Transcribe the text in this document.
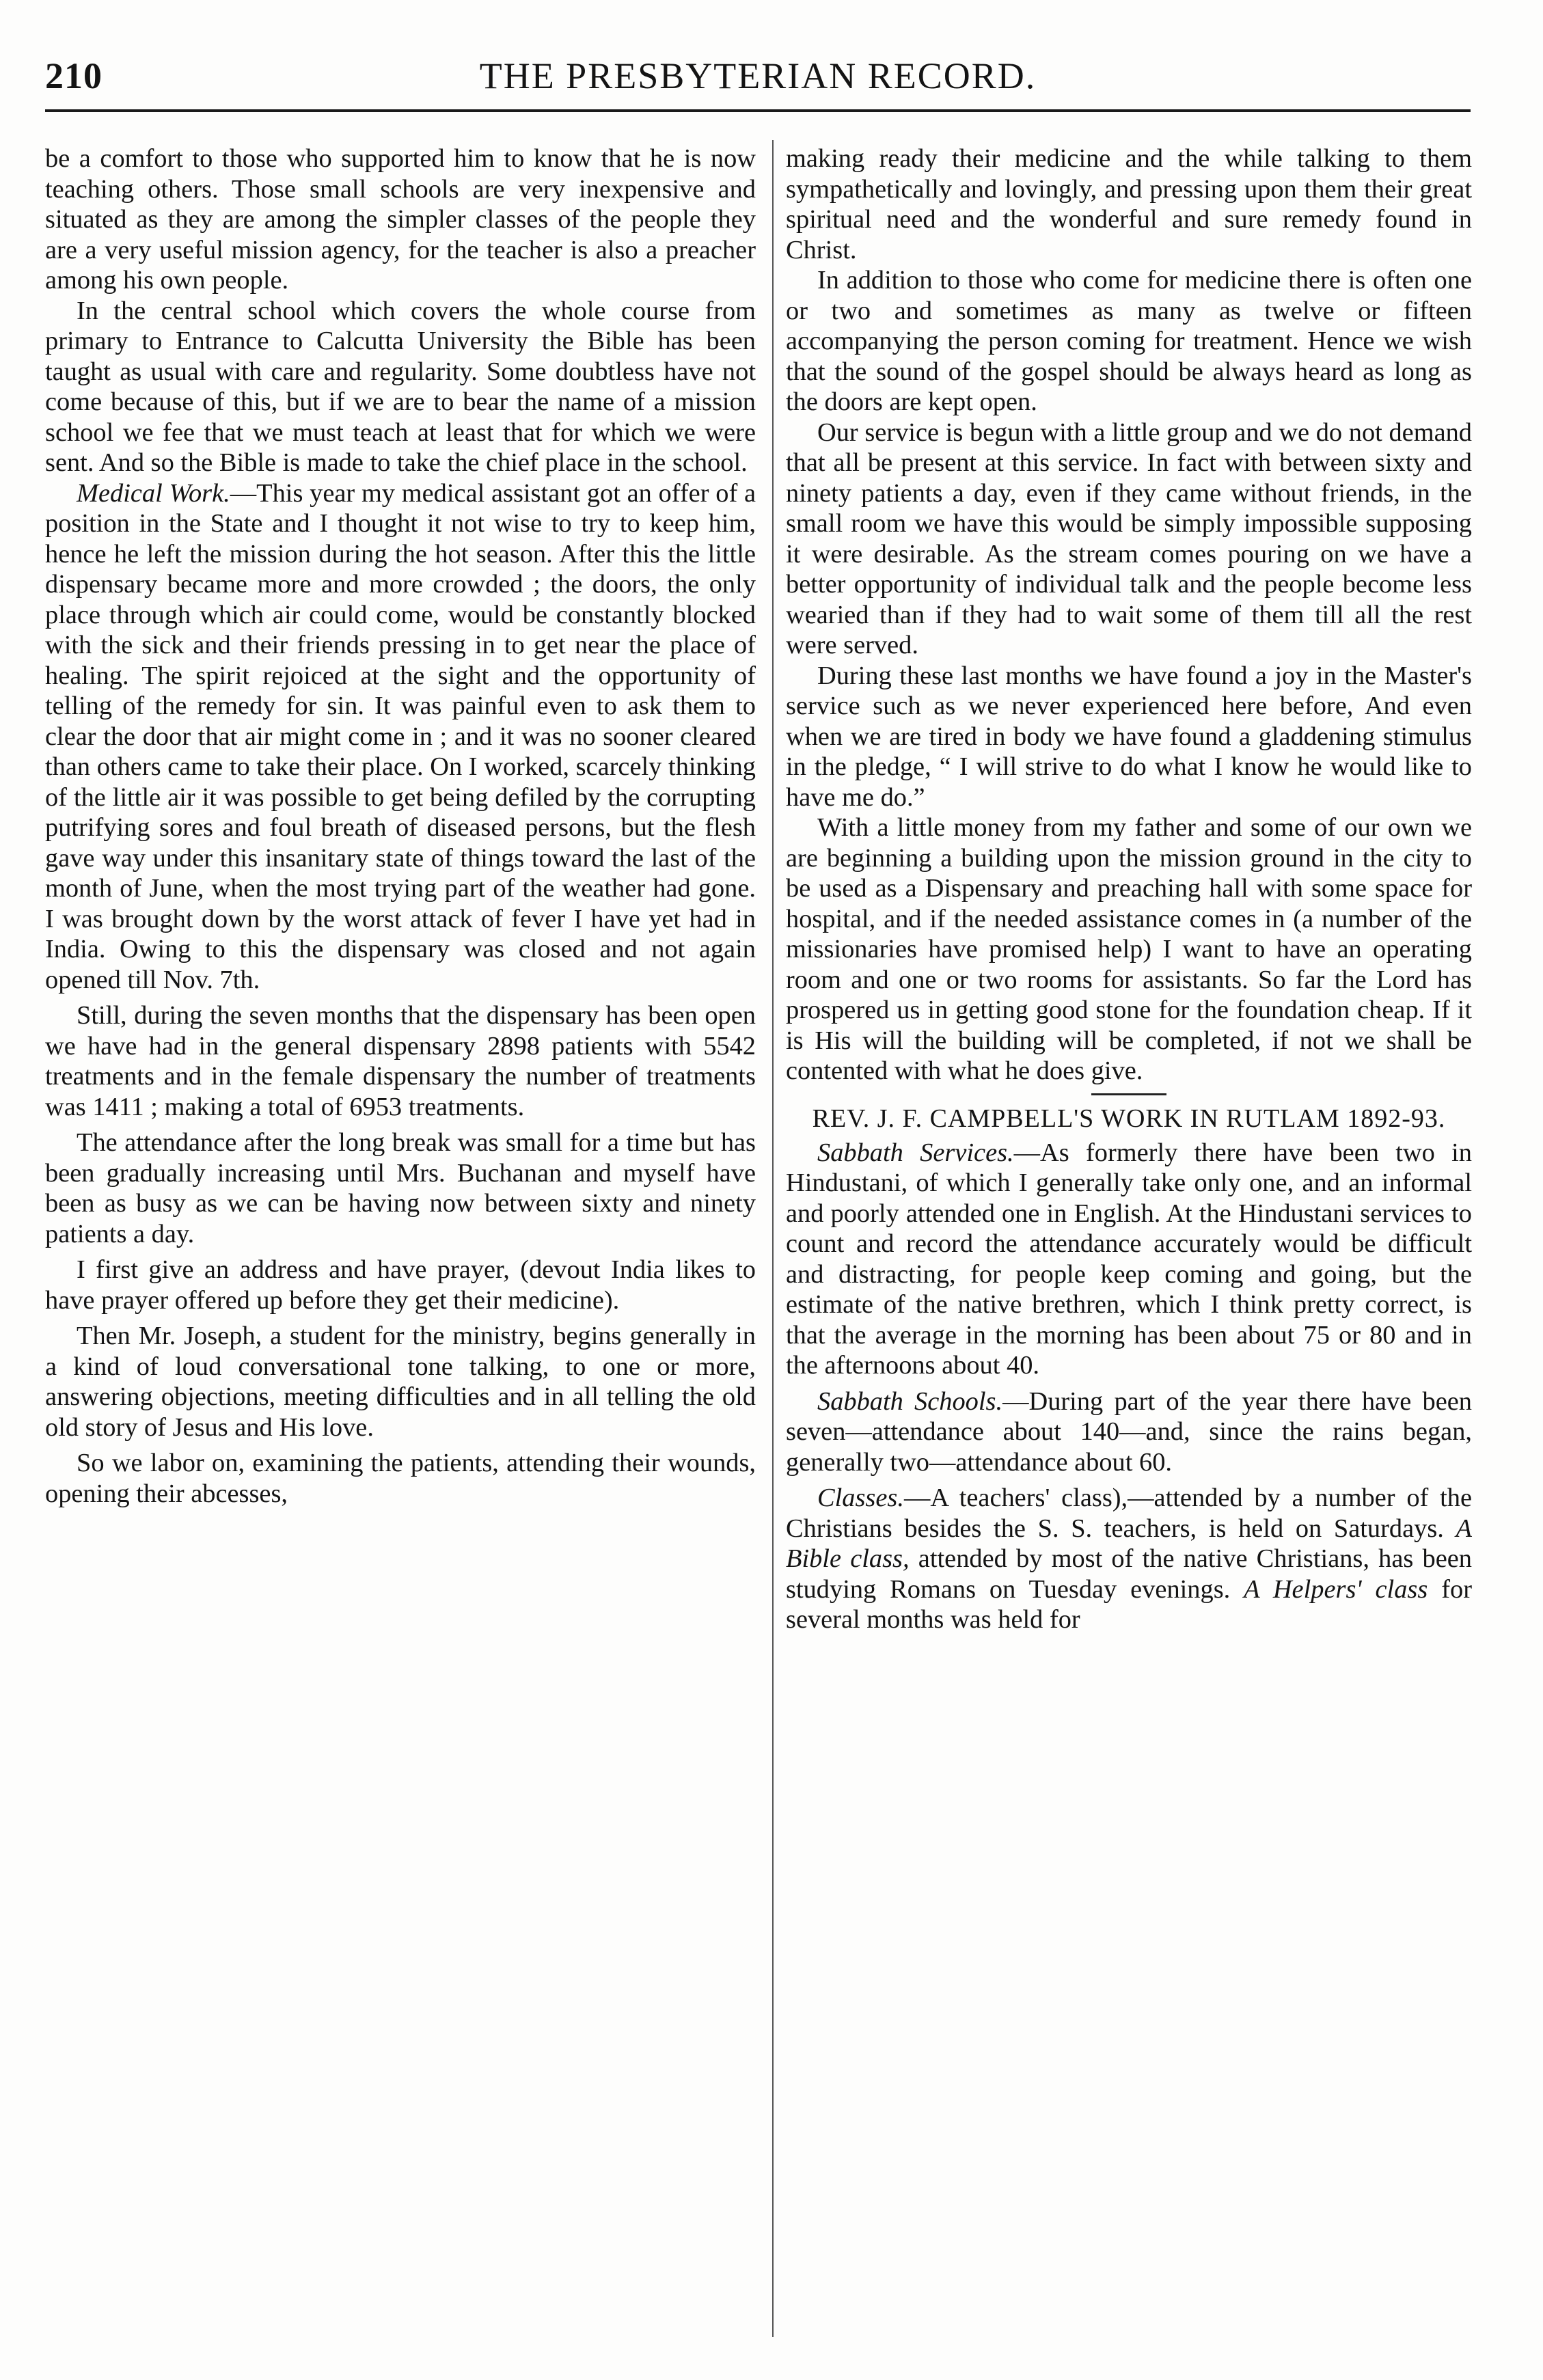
210	THE PRESBYTERIAN RECORD.

be a comfort to those who supported him to know that he is now teaching others. Those small schools are very inexpensive and situated as they are among the simpler classes of the people they are a very useful mission agency, for the teacher is also a preacher among his own people.

In the central school which covers the whole course from primary to Entrance to Calcutta University the Bible has been taught as usual with care and regularity. Some doubtless have not come because of this, but if we are to bear the name of a mission school we fee that we must teach at least that for which we were sent. And so the Bible is made to take the chief place in the school.

Medical Work.—This year my medical assistant got an offer of a position in the State and I thought it not wise to try to keep him, hence he left the mission during the hot season. After this the little dispensary became more and more crowded ; the doors, the only place through which air could come, would be constantly blocked with the sick and their friends pressing in to get near the place of healing. The spirit rejoiced at the sight and the opportunity of telling of the remedy for sin. It was painful even to ask them to clear the door that air might come in ; and it was no sooner cleared than others came to take their place. On I worked, scarcely thinking of the little air it was possible to get being defiled by the corrupting putrifying sores and foul breath of diseased persons, but the flesh gave way under this insanitary state of things toward the last of the month of June, when the most trying part of the weather had gone. I was brought down by the worst attack of fever I have yet had in India. Owing to this the dispensary was closed and not again opened till Nov. 7th.

Still, during the seven months that the dispensary has been open we have had in the general dispensary 2898 patients with 5542 treatments and in the female dispensary the number of treatments was 1411 ; making a total of 6953 treatments.

The attendance after the long break was small for a time but has been gradually increasing until Mrs. Buchanan and myself have been as busy as we can be having now between sixty and ninety patients a day.

I first give an address and have prayer, (devout India likes to have prayer offered up before they get their medicine).

Then Mr. Joseph, a student for the ministry, begins generally in a kind of loud conversational tone talking, to one or more, answering objections, meeting difficulties and in all telling the old old story of Jesus and His love.

So we labor on, examining the patients, attending their wounds, opening their abcesses,

making ready their medicine and the while talking to them sympathetically and lovingly, and pressing upon them their great spiritual need and the wonderful and sure remedy found in Christ.

In addition to those who come for medicine there is often one or two and sometimes as many as twelve or fifteen accompanying the person coming for treatment. Hence we wish that the sound of the gospel should be always heard as long as the doors are kept open.

Our service is begun with a little group and we do not demand that all be present at this service. In fact with between sixty and ninety patients a day, even if they came without friends, in the small room we have this would be simply impossible supposing it were desirable. As the stream comes pouring on we have a better opportunity of individual talk and the people become less wearied than if they had to wait some of them till all the rest were served.

During these last months we have found a joy in the Master's service such as we never experienced here before, And even when we are tired in body we have found a gladdening stimulus in the pledge, “ I will strive to do what I know he would like to have me do.”

With a little money from my father and some of our own we are beginning a building upon the mission ground in the city to be used as a Dispensary and preaching hall with some space for hospital, and if the needed assistance comes in (a number of the missionaries have promised help) I want to have an operating room and one or two rooms for assistants. So far the Lord has prospered us in getting good stone for the foundation cheap. If it is His will the building will be completed, if not we shall be contented with what he does give.

REV. J. F. CAMPBELL'S WORK IN RUTLAM 1892-93.

Sabbath Services.—As formerly there have been two in Hindustani, of which I generally take only one, and an informal and poorly attended one in English. At the Hindustani services to count and record the attendance accurately would be difficult and distracting, for people keep coming and going, but the estimate of the native brethren, which I think pretty correct, is that the average in the morning has been about 75 or 80 and in the afternoons about 40.

Sabbath Schools.—During part of the year there have been seven—attendance about 140—and, since the rains began, generally two—attendance about 60.

Classes.—A teachers' class),—attended by a number of the Christians besides the S. S. teachers, is held on Saturdays. A Bible class, attended by most of the native Christians, has been studying Romans on Tuesday evenings. A Helpers' class for several months was held for
